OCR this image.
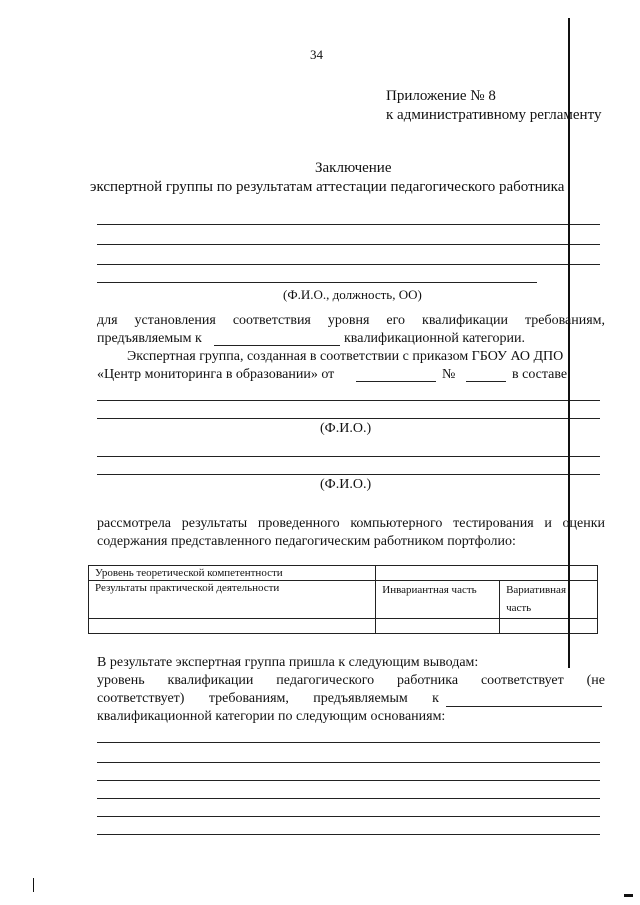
34
Приложение № 8
к административному регламенту
Заключение
экспертной группы по результатам аттестации педагогического работника
(Ф.И.О., должность, ОО)
для установления соответствия уровня его квалификации требованиям,
предъявляемым к	квалификационной категории.
Экспертная группа, созданная в соответствии с приказом ГБОУ АО ДПО
«Центр мониторинга в образовании» от	№	в составе:
(Ф.И.О.)
(Ф.И.О.)
рассмотрела результаты проведенного компьютерного тестирования и оценки
содержания представленного педагогическим работником портфолио:
Уровень теоретической компетентности		
Результаты практической деятельности	Инвариантная часть	Вариативная часть

В результате экспертная группа пришла к следующим выводам:
уровень квалификации педагогического работника соответствует (не
соответствует) требованиям, предъявляемым к
квалификационной категории по следующим основаниям:
